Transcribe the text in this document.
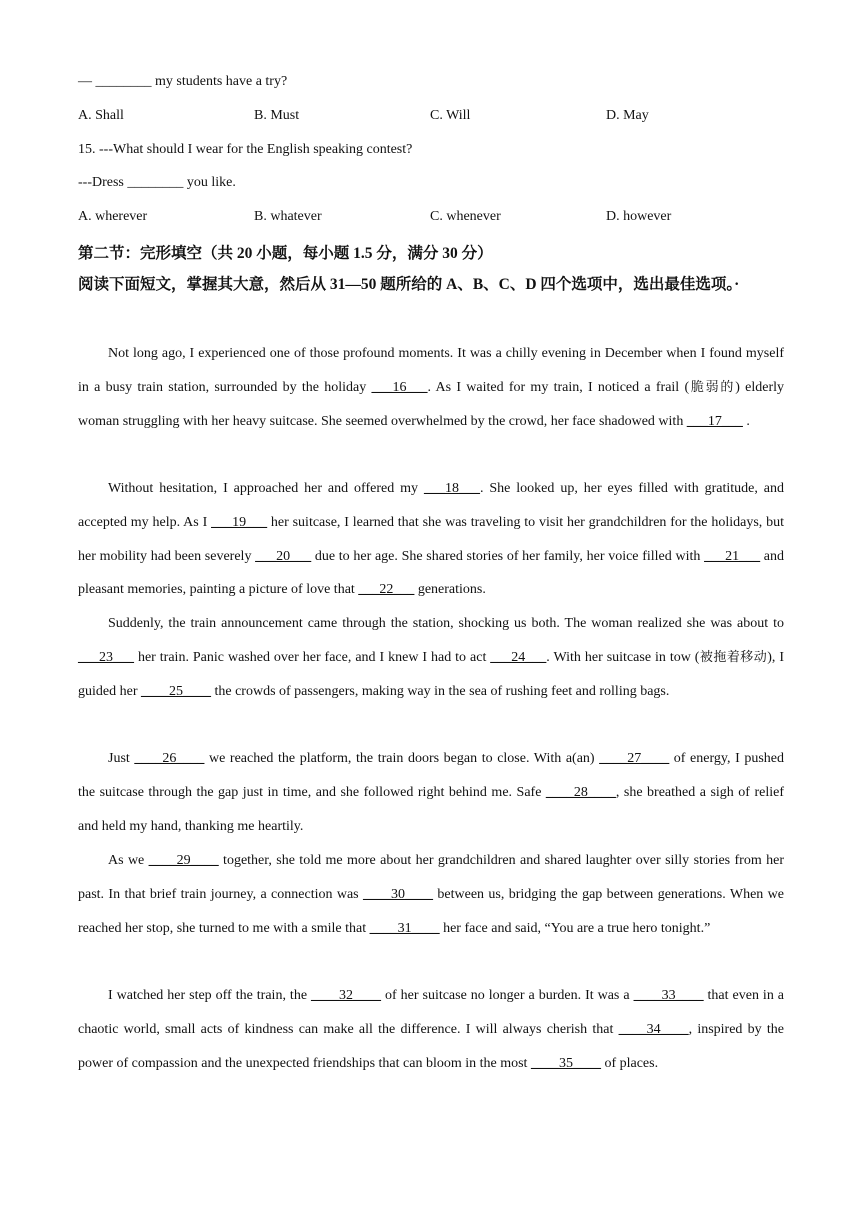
— ________ my students have a try?
A. Shall	B. Must	C. Will	D. May
15. ---What should I wear for the English speaking contest?
---Dress ________ you like.
A. wherever	B. whatever	C. whenever	D. however
第二节：完形填空（共 20 小题，每小题 1.5 分，满分 30 分）
阅读下面短文，掌握其大意，然后从 31—50 题所给的 A、B、C、D 四个选项中，选出最佳选项。·
Not long ago, I experienced one of those profound moments. It was a chilly evening in December when I found myself in a busy train station, surrounded by the holiday ___16___. As I waited for my train, I noticed a frail (脆弱的) elderly woman struggling with her heavy suitcase. She seemed overwhelmed by the crowd, her face shadowed with ___17___ .
Without hesitation, I approached her and offered my ___18___. She looked up, her eyes filled with gratitude, and accepted my help. As I ___19___ her suitcase, I learned that she was traveling to visit her grandchildren for the holidays, but her mobility had been severely ___20___ due to her age. She shared stories of her family, her voice filled with ___21___ and pleasant memories, painting a picture of love that ___22___ generations.
Suddenly, the train announcement came through the station, shocking us both. The woman realized she was about to ___23___ her train. Panic washed over her face, and I knew I had to act ___24___. With her suitcase in tow (被拖着移动), I guided her ____25____ the crowds of passengers, making way in the sea of rushing feet and rolling bags.
Just ____26____ we reached the platform, the train doors began to close. With a(an) ____27____ of energy, I pushed the suitcase through the gap just in time, and she followed right behind me. Safe ____28____, she breathed a sigh of relief and held my hand, thanking me heartily.
As we ____29____ together, she told me more about her grandchildren and shared laughter over silly stories from her past. In that brief train journey, a connection was ____30____ between us, bridging the gap between generations. When we reached her stop, she turned to me with a smile that ____31____ her face and said, “You are a true hero tonight.”
I watched her step off the train, the ____32____ of her suitcase no longer a burden. It was a ____33____ that even in a chaotic world, small acts of kindness can make all the difference. I will always cherish that ____34____, inspired by the power of compassion and the unexpected friendships that can bloom in the most ____35____ of places.
